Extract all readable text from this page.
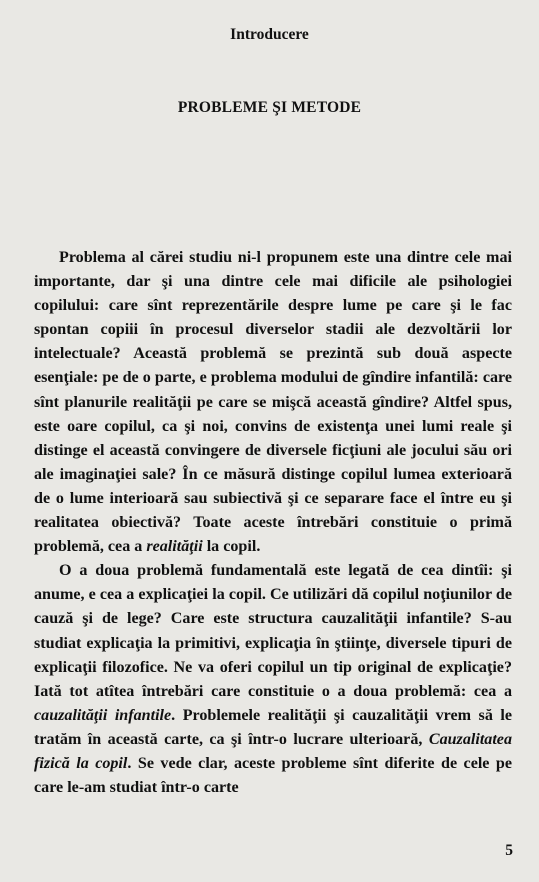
Introducere
PROBLEME ŞI METODE

Problema al cărei studiu ni-l propunem este una dintre cele mai importante, dar şi una dintre cele mai dificile ale psihologiei copilului: care sînt reprezentările despre lume pe care şi le fac spontan copiii în procesul diverselor stadii ale dezvoltării lor intelectuale? Această problemă se prezintă sub două aspecte esenţiale: pe de o parte, e problema modului de gîndire infantilă: care sînt planurile realităţii pe care se mişcă această gîndire? Altfel spus, este oare copilul, ca şi noi, convins de existenţa unei lumi reale şi distinge el această convingere de diversele ficţiuni ale jocului său ori ale imaginaţiei sale? În ce măsură distinge copilul lumea exterioară de o lume interioară sau subiectivă şi ce separare face el între eu şi realitatea obiectivă? Toate aceste întrebări constituie o primă problemă, cea a realităţii la copil.

O a doua problemă fundamentală este legată de cea dintîi: şi anume, e cea a explicaţiei la copil. Ce utilizări dă copilul noţiunilor de cauză şi de lege? Care este structura cauzalităţii infantile? S-au studiat explicaţia la primitivi, explicaţia în ştiinţe, diversele tipuri de explicaţii filozofice. Ne va oferi copilul un tip original de explicaţie? Iată tot atîtea întrebări care constituie o a doua problemă: cea a cauzalităţii infantile. Problemele realităţii şi cauzalităţii vrem să le tratăm în această carte, ca şi într-o lucrare ulterioară, Cauzalitatea fizică la copil. Se vede clar, aceste probleme sînt diferite de cele pe care le-am studiat într-o carte

5
